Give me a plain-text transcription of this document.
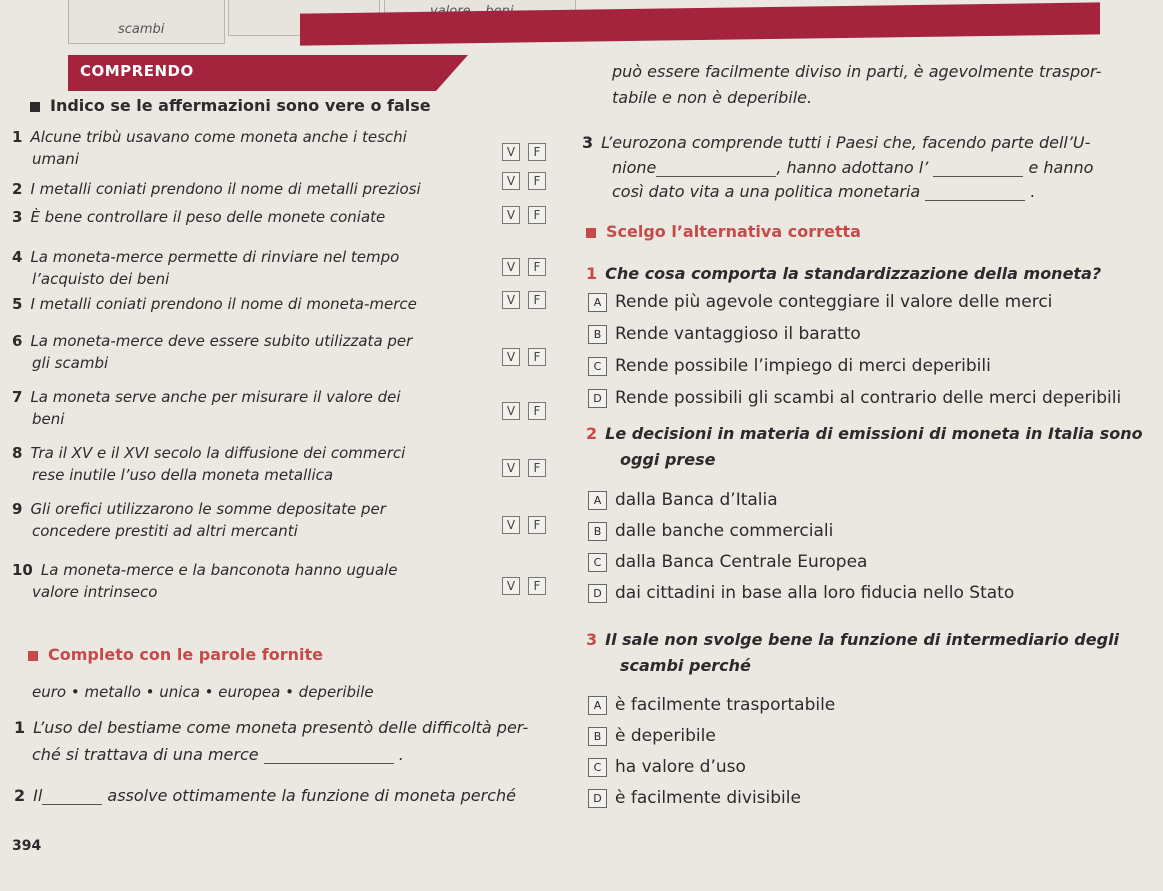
scambi
COMPRENDO
Indico se le affermazioni sono vere o false
Completo con le parole fornite
euro • metallo • unica • europea • deperibile
1 L’uso del bestiame come moneta presentò delle difficoltà per-
ché si trattava di una merce	.
2 Il	assolve ottimamente la funzione di moneta perché
può essere facilmente diviso in parti, è agevolmente traspor-
tabile e non è deperibile.
3 L’eurozona comprende tutti i Paesi che, facendo parte dell’U-
nione	, hanno adottano l’	e hanno
così dato vita a una politica monetaria	.
Scelgo l’alternativa corretta
394
1 Alcune tribù usavano come moneta anche i teschi
umani	V	F
2 I metalli coniati prendono il nome di metalli preziosi	V	F
3 È bene controllare il peso delle monete coniate	V	F
4 La moneta-merce permette di rinviare nel tempo
l’acquisto dei beni
V	F
5 I metalli coniati prendono il nome di moneta-merce	V	F
6 La moneta-merce deve essere subito utilizzata per
gli scambi	V	F
7 La moneta serve anche per misurare il valore dei
beni	V	F
8 Tra il XV e il XVI secolo la diffusione dei commerci
rese inutile l’uso della moneta metallica	V	F
9 Gli orefici utilizzarono le somme depositate per
concedere prestiti ad altri mercanti	V	F
10 La moneta-merce e la banconota hanno uguale
valore intrinseco	V	F
1 Che cosa comporta la standardizzazione della moneta?
A Rende più agevole conteggiare il valore delle merci
B Rende vantaggioso il baratto
C Rende possibile l’impiego di merci deperibili
D Rende possibili gli scambi al contrario delle merci deperibili
2 Le decisioni in materia di emissioni di moneta in Italia sono
oggi prese
A dalla Banca d’Italia
B dalle banche commerciali
C dalla Banca Centrale Europea
D dai cittadini in base alla loro fiducia nello Stato
3 Il sale non svolge bene la funzione di intermediario degli
scambi perché
A è facilmente trasportabile
B è deperibile
C ha valore d’uso
D è facilmente divisibile
